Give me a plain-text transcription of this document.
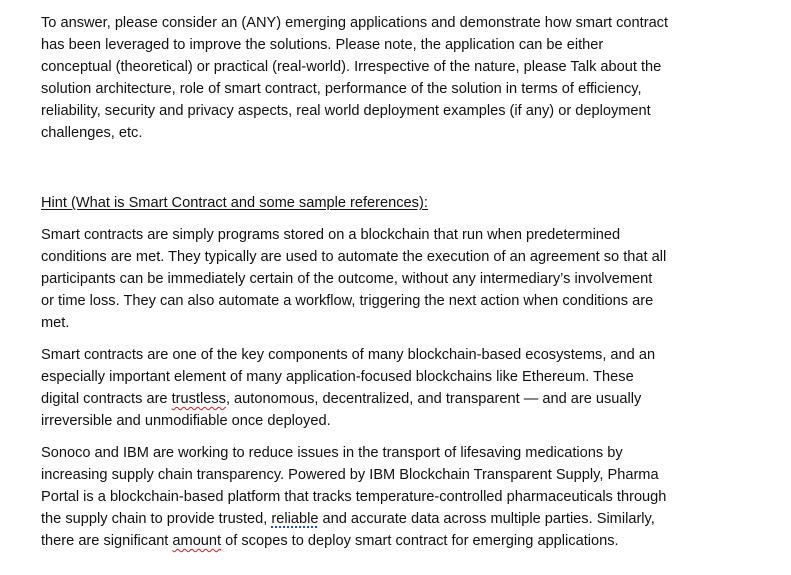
To answer, please consider an (ANY) emerging applications and demonstrate how smart contract
has been leveraged to improve the solutions. Please note, the application can be either
conceptual (theoretical) or practical (real-world). Irrespective of the nature, please Talk about the
solution architecture, role of smart contract, performance of the solution in terms of efficiency,
reliability, security and privacy aspects, real world deployment examples (if any) or deployment
challenges, etc.

Hint (What is Smart Contract and some sample references):

Smart contracts are simply programs stored on a blockchain that run when predetermined
conditions are met. They typically are used to automate the execution of an agreement so that all
participants can be immediately certain of the outcome, without any intermediary’s involvement
or time loss. They can also automate a workflow, triggering the next action when conditions are
met.

Smart contracts are one of the key components of many blockchain-based ecosystems, and an
especially important element of many application-focused blockchains like Ethereum. These
digital contracts are trustless, autonomous, decentralized, and transparent — and are usually
irreversible and unmodifiable once deployed.

Sonoco and IBM are working to reduce issues in the transport of lifesaving medications by
increasing supply chain transparency. Powered by IBM Blockchain Transparent Supply, Pharma
Portal is a blockchain-based platform that tracks temperature-controlled pharmaceuticals through
the supply chain to provide trusted, reliable and accurate data across multiple parties. Similarly,
there are significant amount of scopes to deploy smart contract for emerging applications.
